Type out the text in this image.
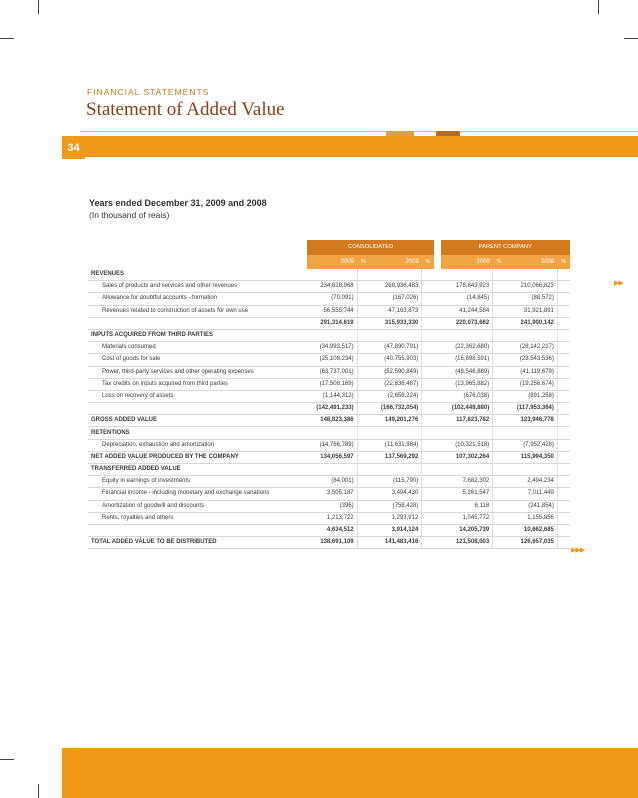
FINANCIAL STATEMENTS
Statement of Added Value
34
Years ended December 31, 2009 and 2008
(In thousand of reais)
	CONSOLIDATED					PARENT COMPANY			
	2009	%	2008	%		2009	%	2008	%
REVENUES									
Sales of products and services and other revenues	234,828,968		268,936,483			178,843,923		210,066,823	
Allowance for doubtful accounts - formation	(70,091)		(167,026)			(14,845)		(88,572)	
Revenues related to construction of assets for own use	56,555,744		47,163,873			41,244,584		31,921,891	
	291,314,619		315,933,330			220,073,662		241,900,142	
INPUTS ACQUIRED FROM THIRD PARTIES									
Materials consumed	(34,993,517)		(47,890,791)			(22,362,680)		(28,142,217)	
Cost of goods for sale	(25,108,234)		(40,755,903)			(16,898,591)		(28,543,536)	
Power, third-party services and other operating expenses	(63,737,001)		(52,590,849)			(48,546,889)		(41,119,679)	
Tax credits on inputs acquired from third parties	(17,508,169)		(22,836,487)			(13,965,882)		(19,256,674)	
Loss on recovery of assets	(1,144,312)		(2,658,224)			(676,038)		(891,258)	
	(142,491,233)		(166,732,054)			(102,449,880)		(117,953,364)	
GROSS ADDED VALUE	148,823,386		149,201,276			117,623,782		123,946,778	
RETENTIONS									
Depreciation, exhaustion and amortization	(14,766,789)		(11,631,984)			(10,321,518)		(7,952,428)	
NET ADDED VALUE PRODUCED BY THE COMPANY	134,056,597		137,569,292			107,302,264		115,994,350	
TRANSFERRED ADDED VALUE									
Equity in earnings of investments	(84,001)		(115,790)			7,882,302		2,494,234	
Financial income - including monetary and exchange variations	3,505,187		3,494,430			5,261,547		7,011,449	
Amortization of goodwill and discounts	(396)		(758,428)			6,118		(241,854)	
Rents, royalties and others	1,213,722		1,293,912			1,045,772		1,155,856	
	4,634,512		3,914,124			14,205,739		10,662,685	
TOTAL ADDED VALUE TO BE DISTRIBUTED	138,691,109		141,483,416			121,508,003		126,657,035	
▶▶
▶▶▶
